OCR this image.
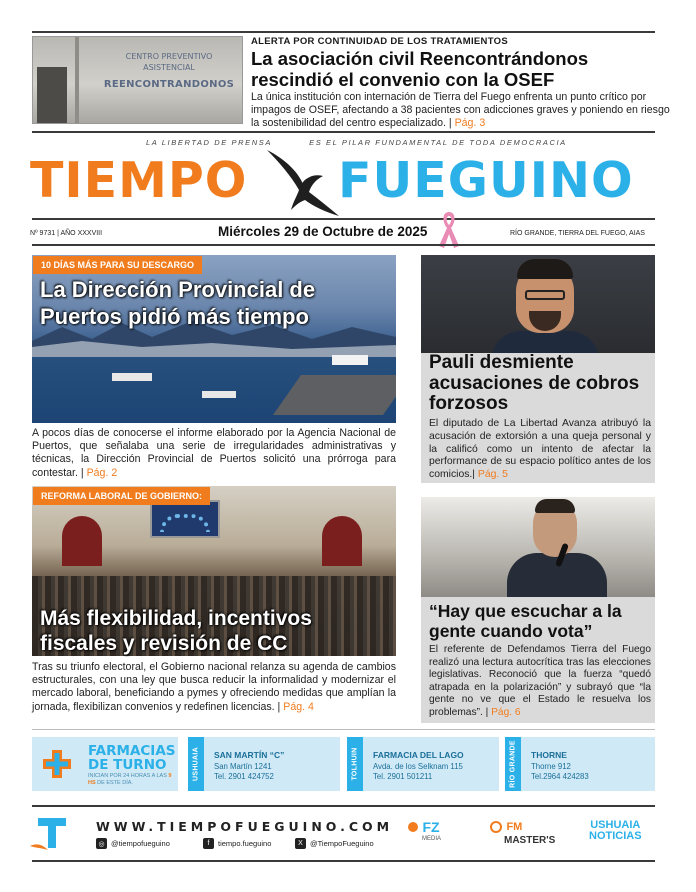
CENTRO PREVENTIVO
ASISTENCIAL
REENCONTRANDONOS
ALERTA POR CONTINUIDAD DE LOS TRATAMIENTOS
La asociación civil Reencontrándonos rescindió el convenio con la OSEF
La única institución con internación de Tierra del Fuego enfrenta un punto crítico por impagos de OSEF, afectando a 38 pacientes con adicciones graves y poniendo en riesgo la sostenibilidad del centro especializado. | Pág. 3
LA LIBERTAD DE PRENSA	ES EL PILAR FUNDAMENTAL DE TODA DEMOCRACIA
TIEMPO FUEGUINO
Nº 9731 | AÑO XXXVIII	Miércoles 29 de Octubre de 2025	RÍO GRANDE, TIERRA DEL FUEGO, AIAS
10 DÍAS MÁS PARA SU DESCARGO
La Dirección Provincial de Puertos pidió más tiempo
A pocos días de conocerse el informe elaborado por la Agencia Nacional de Puertos, que señalaba una serie de irregularidades administrativas y técnicas, la Dirección Provincial de Puertos solicitó una prórroga para contestar. | Pág. 2
REFORMA LABORAL DE GOBIERNO:
Más flexibilidad, incentivos fiscales y revisión de CC
Tras su triunfo electoral, el Gobierno nacional relanza su agenda de cambios estructurales, con una ley que busca reducir la informalidad y modernizar el mercado laboral, beneficiando a pymes y ofreciendo medidas que amplían la jornada, flexibilizan convenios y redefinen licencias. | Pág. 4
Pauli desmiente acusaciones de cobros forzosos
El diputado de La Libertad Avanza atribuyó la acusación de extorsión a una queja personal y la calificó como un intento de afectar la performance de su espacio político antes de los comicios.| Pág. 5
“Hay que escuchar a la gente cuando vota”
El referente de Defendamos Tierra del Fuego realizó una lectura autocrítica tras las elecciones legislativas. Reconoció que la fuerza “quedó atrapada en la polarización” y subrayó que “la gente no ve que el Estado le resuelva los problemas”. | Pág. 6
FARMACIAS
DE TURNO
INICIAN POR 24 HORAS A LAS 9 HS DE ESTE DÍA.
USHUAIA SAN MARTÍN “C”
San Martín 1241
Tel. 2901 424752	TOLHUIN FARMACIA DEL LAGO
Avda. de los Selknam 115
Tel. 2901 501211	RÍO GRANDE THORNE
Thorne 912
Tel.2964 424283
WWW.TIEMPOFUEGUINO.COM
◎ @tiempofueguino	f	tiempo.fueguino	X @TiempoFueguino
FZ
MEDIA
FM
MASTER'S
USHUAIA
NOTICIAS
